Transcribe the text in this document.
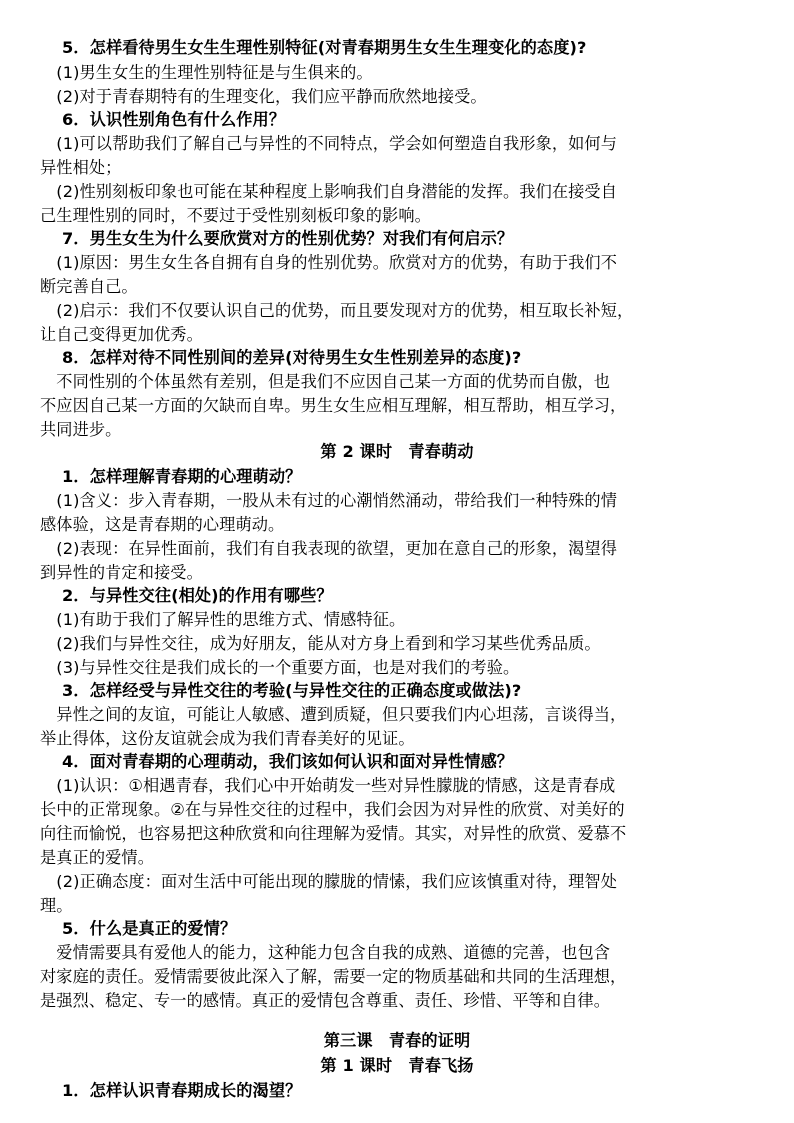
　 5．怎样看待男生女生生理性别特征(对青春期男生女生生理变化的态度)?
　(1)男生女生的生理性别特征是与生俱来的。
　(2)对于青春期特有的生理变化，我们应平静而欣然地接受。
　 6．认识性别角色有什么作用？
　(1)可以帮助我们了解自己与异性的不同特点，学会如何塑造自我形象，如何与
异性相处；
　(2)性别刻板印象也可能在某种程度上影响我们自身潜能的发挥。我们在接受自
己生理性别的同时，不要过于受性别刻板印象的影响。
　 7．男生女生为什么要欣赏对方的性别优势？对我们有何启示？
　(1)原因：男生女生各自拥有自身的性别优势。欣赏对方的优势，有助于我们不
断完善自己。
　(2)启示：我们不仅要认识自己的优势，而且要发现对方的优势，相互取长补短，
让自己变得更加优秀。
　 8．怎样对待不同性别间的差异(对待男生女生性别差异的态度)?
　不同性别的个体虽然有差别，但是我们不应因自己某一方面的优势而自傲，也
不应因自己某一方面的欠缺而自卑。男生女生应相互理解，相互帮助，相互学习，
共同进步。
第 2 课时　青春萌动
　 1．怎样理解青春期的心理萌动？
　(1)含义：步入青春期，一股从未有过的心潮悄然涌动，带给我们一种特殊的情
感体验，这是青春期的心理萌动。
　(2)表现：在异性面前，我们有自我表现的欲望，更加在意自己的形象，渴望得
到异性的肯定和接受。
　 2．与异性交往(相处)的作用有哪些？
　(1)有助于我们了解异性的思维方式、情感特征。
　(2)我们与异性交往，成为好朋友，能从对方身上看到和学习某些优秀品质。
　(3)与异性交往是我们成长的一个重要方面，也是对我们的考验。
　 3．怎样经受与异性交往的考验(与异性交往的正确态度或做法)?
　异性之间的友谊，可能让人敏感、遭到质疑，但只要我们内心坦荡，言谈得当，
举止得体，这份友谊就会成为我们青春美好的见证。
　 4．面对青春期的心理萌动，我们该如何认识和面对异性情感？
　(1)认识：①相遇青春，我们心中开始萌发一些对异性朦胧的情感，这是青春成
长中的正常现象。②在与异性交往的过程中，我们会因为对异性的欣赏、对美好的
向往而愉悦，也容易把这种欣赏和向往理解为爱情。其实，对异性的欣赏、爱慕不
是真正的爱情。
　(2)正确态度：面对生活中可能出现的朦胧的情愫，我们应该慎重对待，理智处
理。
　 5．什么是真正的爱情？
　爱情需要具有爱他人的能力，这种能力包含自我的成熟、道德的完善，也包含
对家庭的责任。爱情需要彼此深入了解，需要一定的物质基础和共同的生活理想，
是强烈、稳定、专一的感情。真正的爱情包含尊重、责任、珍惜、平等和自律。
第三课　青春的证明
第 1 课时　青春飞扬
　 1．怎样认识青春期成长的渴望？
